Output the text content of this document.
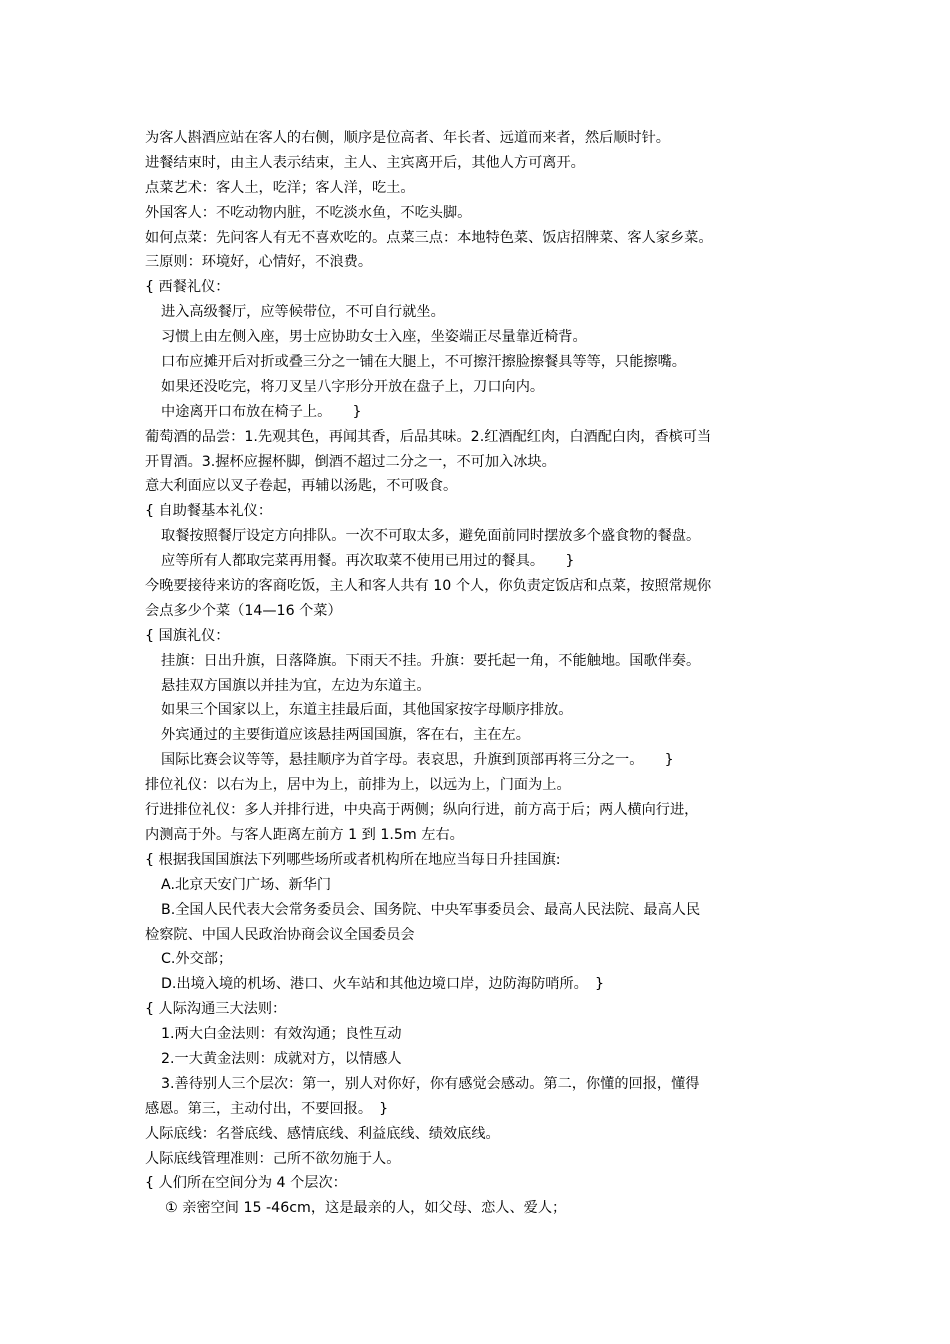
为客人斟酒应站在客人的右侧，顺序是位高者、年长者、远道而来者，然后顺时针。
进餐结束时，由主人表示结束，主人、主宾离开后，其他人方可离开。
点菜艺术：客人土，吃洋；客人洋，吃土。
外国客人：不吃动物内脏，不吃淡水鱼，不吃头脚。
如何点菜：先问客人有无不喜欢吃的。点菜三点：本地特色菜、饭店招牌菜、客人家乡菜。
三原则：环境好，心情好，不浪费。
{ 西餐礼仪：
进入高级餐厅，应等候带位，不可自行就坐。
习惯上由左侧入座，男士应协助女士入座，坐姿端正尽量靠近椅背。
口布应摊开后对折或叠三分之一铺在大腿上，不可擦汗擦脸擦餐具等等，只能擦嘴。
如果还没吃完，将刀叉呈八字形分开放在盘子上，刀口向内。
中途离开口布放在椅子上。　　}
葡萄酒的品尝：1.先观其色，再闻其香，后品其味。2.红酒配红肉，白酒配白肉，香槟可当
开胃酒。3.握杯应握杯脚，倒酒不超过二分之一，不可加入冰块。
意大利面应以叉子卷起，再辅以汤匙，不可吸食。
{ 自助餐基本礼仪：
取餐按照餐厅设定方向排队。一次不可取太多，避免面前同时摆放多个盛食物的餐盘。
应等所有人都取完菜再用餐。再次取菜不使用已用过的餐具。　　}
今晚要接待来访的客商吃饭，主人和客人共有 10 个人，你负责定饭店和点菜，按照常规你
会点多少个菜（14—16 个菜）
{ 国旗礼仪：
挂旗：日出升旗，日落降旗。下雨天不挂。升旗：要托起一角，不能触地。国歌伴奏。
悬挂双方国旗以并挂为宜，左边为东道主。
如果三个国家以上，东道主挂最后面，其他国家按字母顺序排放。
外宾通过的主要街道应该悬挂两国国旗，客在右，主在左。
国际比赛会议等等，悬挂顺序为首字母。表哀思，升旗到顶部再将三分之一。　　}
排位礼仪：以右为上，居中为上，前排为上，以远为上，门面为上。
行进排位礼仪：多人并排行进，中央高于两侧；纵向行进，前方高于后；两人横向行进，
内测高于外。与客人距离左前方 1 到 1.5m 左右。
{ 根据我国国旗法下列哪些场所或者机构所在地应当每日升挂国旗:
A.北京天安门广场、新华门
B.全国人民代表大会常务委员会、国务院、中央军事委员会、最高人民法院、最高人民
检察院、中国人民政治协商会议全国委员会
C.外交部；
D.出境入境的机场、港口、火车站和其他边境口岸，边防海防哨所。　}
{ 人际沟通三大法则：
1.两大白金法则：有效沟通；良性互动
2.一大黄金法则：成就对方，以情感人
3.善待别人三个层次：第一，别人对你好，你有感觉会感动。第二，你懂的回报，懂得
感恩。第三，主动付出，不要回报。　}
人际底线：名誉底线、感情底线、利益底线、绩效底线。
人际底线管理准则：己所不欲勿施于人。
{ 人们所在空间分为 4 个层次：
① 亲密空间 15 -46cm，这是最亲的人，如父母、恋人、爱人；
